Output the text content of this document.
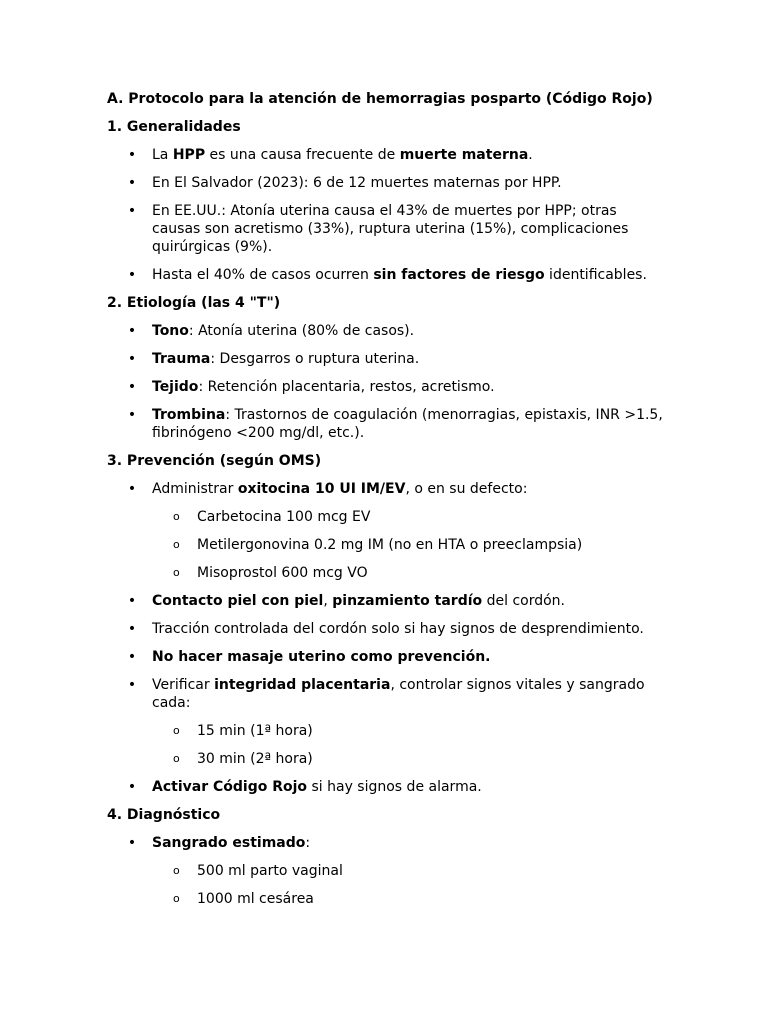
A. Protocolo para la atención de hemorragias posparto (Código Rojo)

1. Generalidades

• La HPP es una causa frecuente de muerte materna.
• En El Salvador (2023): 6 de 12 muertes maternas por HPP.
• En EE.UU.: Atonía uterina causa el 43% de muertes por HPP; otras causas son acretismo (33%), ruptura uterina (15%), complicaciones quirúrgicas (9%).
• Hasta el 40% de casos ocurren sin factores de riesgo identificables.

2. Etiología (las 4 "T")

• Tono: Atonía uterina (80% de casos).
• Trauma: Desgarros o ruptura uterina.
• Tejido: Retención placentaria, restos, acretismo.
• Trombina: Trastornos de coagulación (menorragias, epistaxis, INR >1.5, fibrinógeno <200 mg/dl, etc.).

3. Prevención (según OMS)

• Administrar oxitocina 10 UI IM/EV, o en su defecto:
o Carbetocina 100 mcg EV
o Metilergonovina 0.2 mg IM (no en HTA o preeclampsia)
o Misoprostol 600 mcg VO
• Contacto piel con piel, pinzamiento tardío del cordón.
• Tracción controlada del cordón solo si hay signos de desprendimiento.
• No hacer masaje uterino como prevención.
• Verificar integridad placentaria, controlar signos vitales y sangrado cada:
o 15 min (1ª hora)
o 30 min (2ª hora)
• Activar Código Rojo si hay signos de alarma.

4. Diagnóstico

• Sangrado estimado:
o 500 ml parto vaginal
o 1000 ml cesárea
